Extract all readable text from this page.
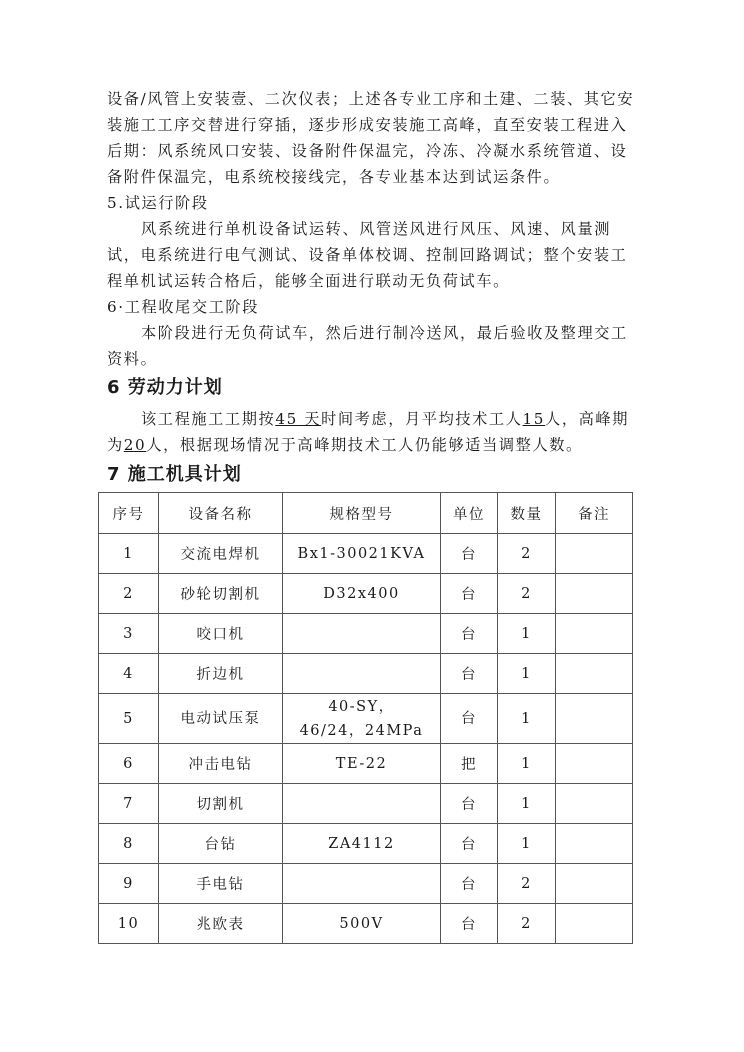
设备/风管上安装壹、二次仪表；上述各专业工序和土建、二装、其它安装施工工序交替进行穿插，逐步形成安装施工高峰，直至安装工程进入后期：风系统风口安装、设备附件保温完，冷冻、冷凝水系统管道、设备附件保温完，电系统校接线完，各专业基本达到试运条件。

5.试运行阶段

风系统进行单机设备试运转、风管送风进行风压、风速、风量测试，电系统进行电气测试、设备单体校调、控制回路调试；整个安装工程单机试运转合格后，能够全面进行联动无负荷试车。

6·工程收尾交工阶段

本阶段进行无负荷试车，然后进行制冷送风，最后验收及整理交工资料。

6 劳动力计划

该工程施工工期按45 天时间考虑，月平均技术工人15人，高峰期为20人，根据现场情况于高峰期技术工人仍能够适当调整人数。

7 施工机具计划
序号	设备名称	规格型号	单位	数量	备注
1	交流电焊机	Bx1-30021KVA	台	2	
2	砂轮切割机	D32x400	台	2	
3	咬口机		台	1	
4	折边机		台	1	
5	电动试压泵	40-SY，46/24，24MPa	台	1	
6	冲击电钻	TE-22	把	1	
7	切割机		台	1	
8	台钻	ZA4112	台	1	
9	手电钻		台	2	
10	兆欧表	500V	台	2	
